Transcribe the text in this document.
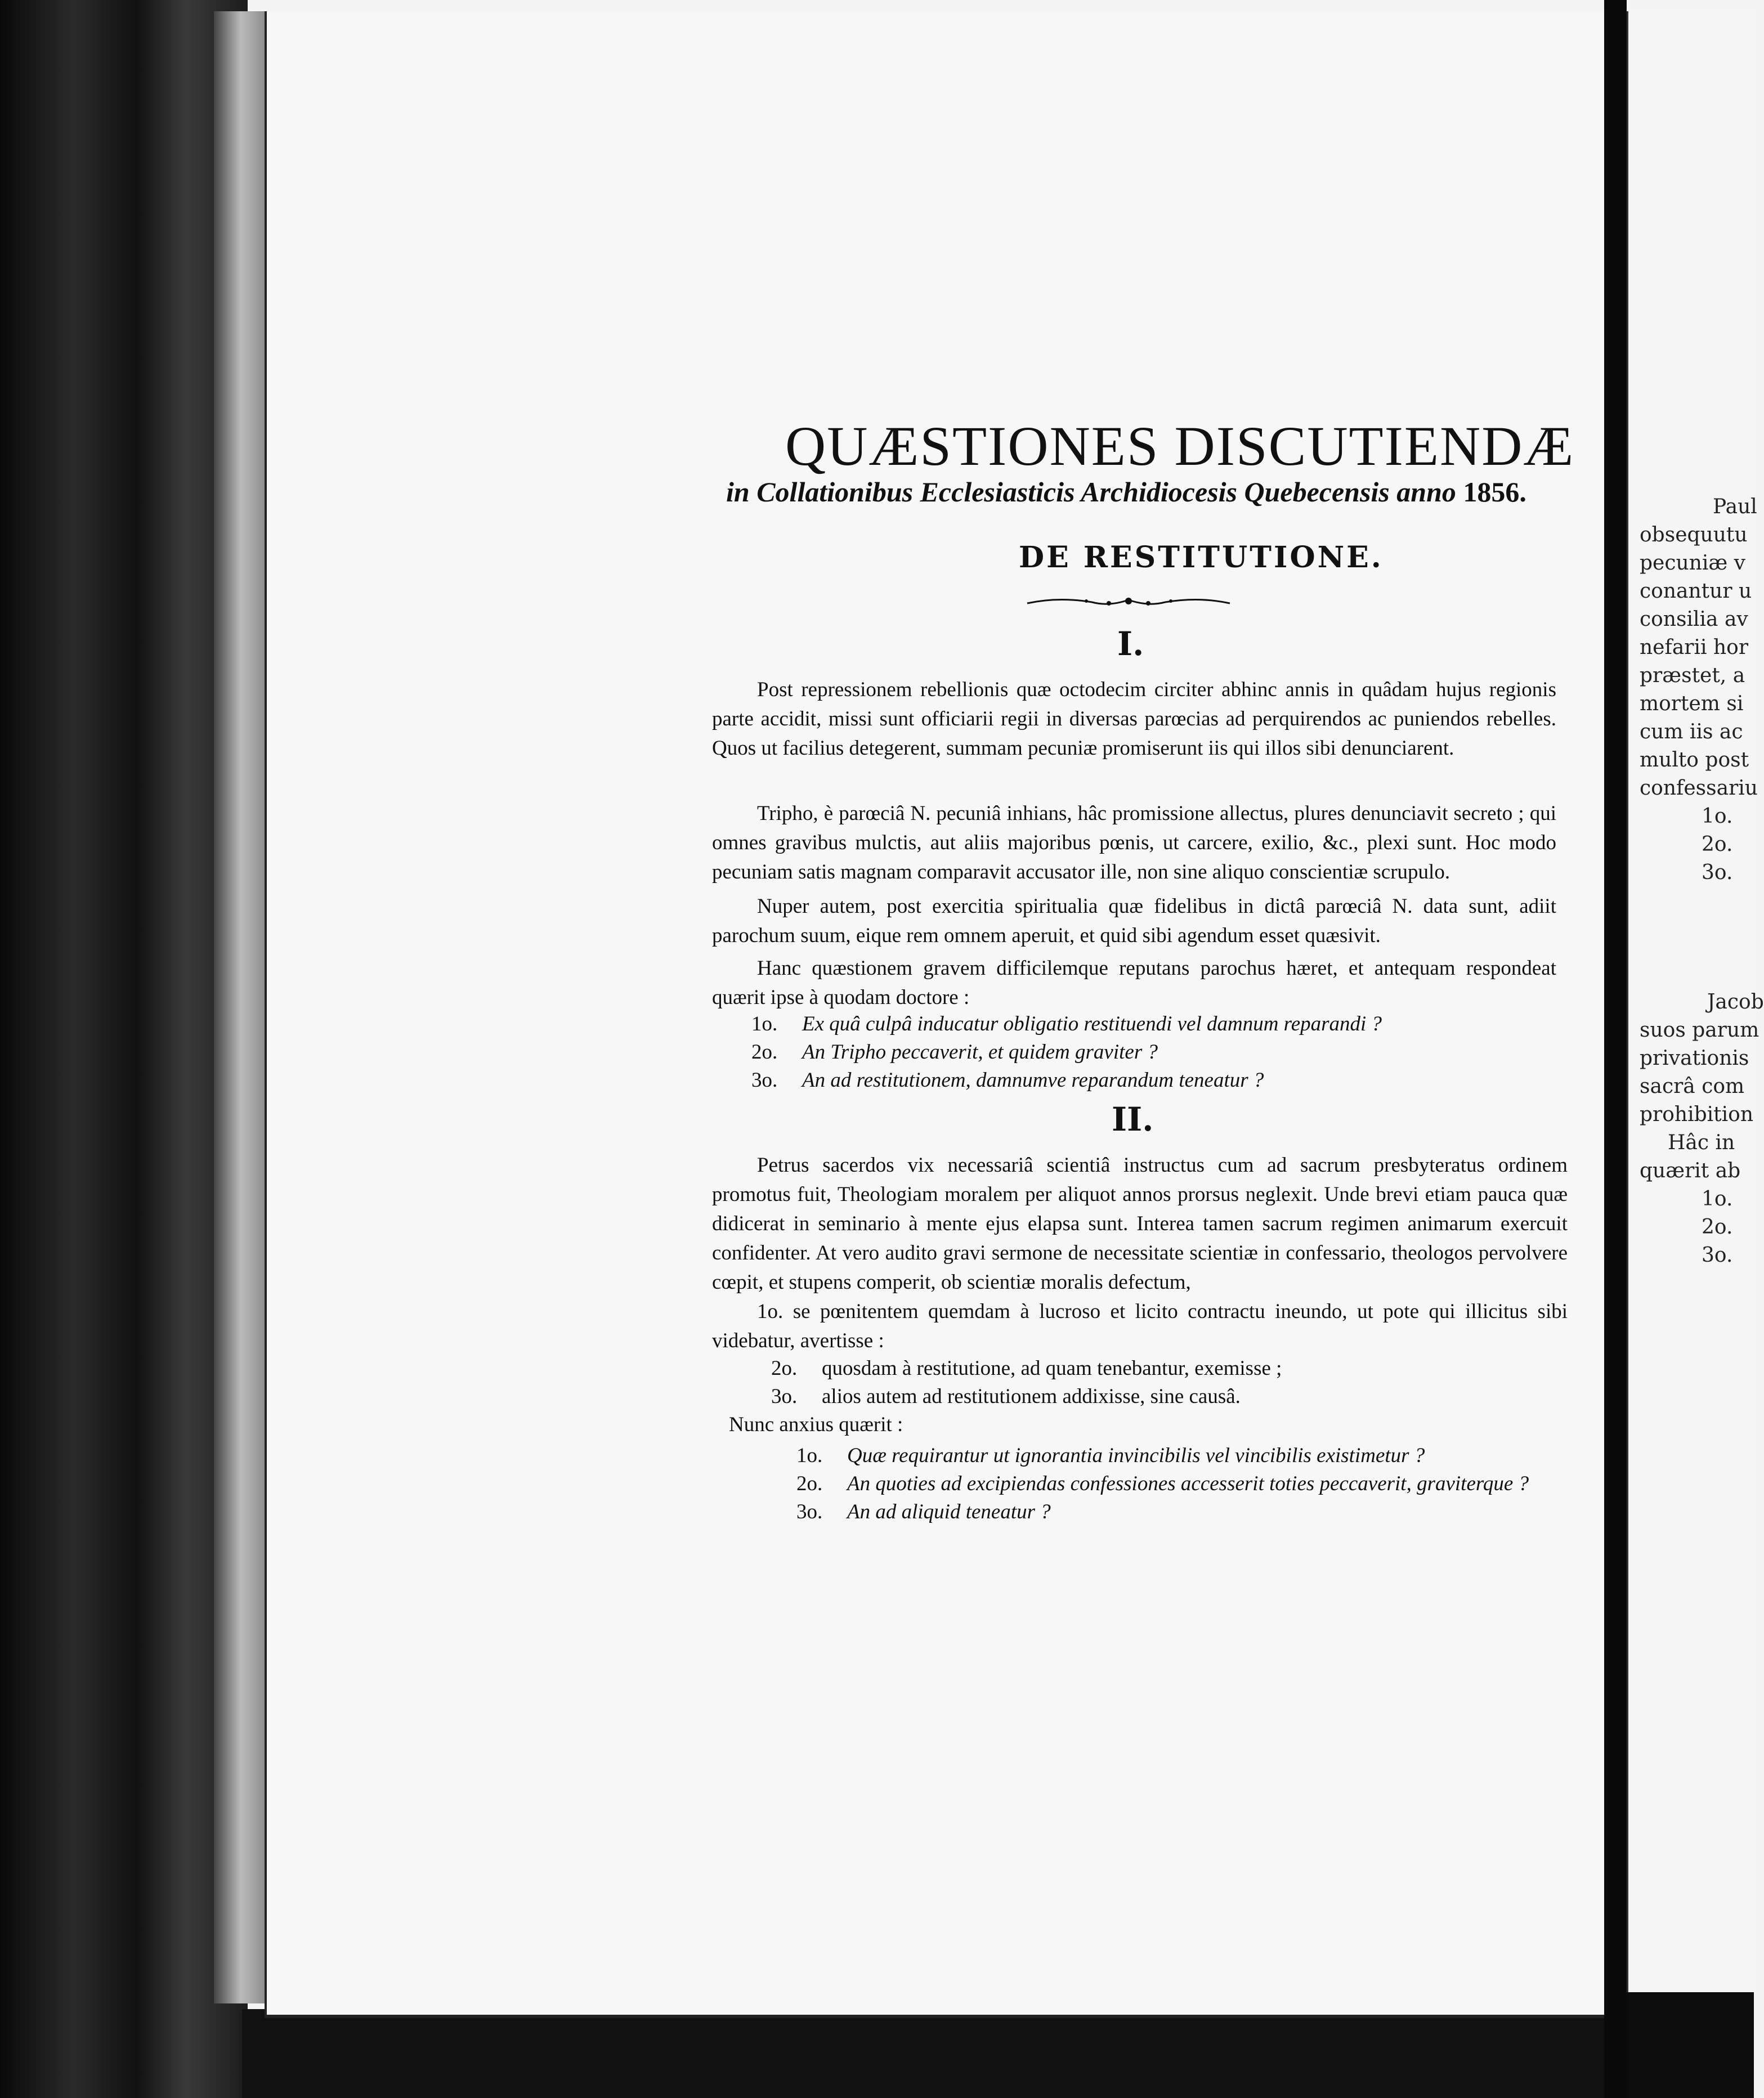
QUÆSTIONES DISCUTIENDÆ
in Collationibus Ecclesiasticis Archidiocesis Quebecensis anno 1856.
DE RESTITUTIONE.
I.
Post repressionem rebellionis quæ octodecim circiter abhinc annis in quâdam hujus regionis parte accidit, missi sunt officiarii regii in diversas parœcias ad perquirendos ac puniendos rebelles. Quos ut facilius detegerent, summam pecuniæ promiserunt iis qui illos sibi denunciarent.
Tripho, è parœciâ N. pecuniâ inhians, hâc promissione allectus, plures denunciavit secreto ; qui omnes gravibus mulctis, aut aliis majoribus pœnis, ut carcere, exilio, &c., plexi sunt. Hoc modo pecuniam satis magnam comparavit accusator ille, non sine aliquo conscientiæ scrupulo.
Nuper autem, post exercitia spiritualia quæ fidelibus in dictâ parœciâ N. data sunt, adiit parochum suum, eique rem omnem aperuit, et quid sibi agendum esset quæsivit.
Hanc quæstionem gravem difficilemque reputans parochus hæret, et antequam respondeat quærit ipse à quodam doctore :
1o. Ex quâ culpâ inducatur obligatio restituendi vel damnum reparandi ?
2o. An Tripho peccaverit, et quidem graviter ?
3o. An ad restitutionem, damnumve reparandum teneatur ?
II.
Petrus sacerdos vix necessariâ scientiâ instructus cum ad sacrum presbyteratus ordinem promotus fuit, Theologiam moralem per aliquot annos prorsus neglexit. Unde brevi etiam pauca quæ didicerat in seminario à mente ejus elapsa sunt. Interea tamen sacrum regimen animarum exercuit confidenter. At vero audito gravi sermone de necessitate scientiæ in confessario, theologos pervolvere cœpit, et stupens comperit, ob scientiæ moralis defectum,
1o. se pœnitentem quemdam à lucroso et licito contractu ineundo, ut pote qui illicitus sibi videbatur, avertisse :
2o. quosdam à restitutione, ad quam tenebantur, exemisse ;
3o. alios autem ad restitutionem addixisse, sine causâ.
Nunc anxius quærit :
1o. Quæ requirantur ut ignorantia invincibilis vel vincibilis existimetur ?
2o. An quoties ad excipiendas confessiones accesserit toties peccaverit, graviterque ?
3o. An ad aliquid teneatur ?
Paul
obsequutu
pecuniæ v
conantur u
consilia av
nefarii hor
præstet, a
mortem si
cum iis ac
multo post
confessariu
1o.
2o.
3o.
Jacob
suos parum
privationis
sacrâ com
prohibition
Hâc in
quærit ab
1o.
2o.
3o.
